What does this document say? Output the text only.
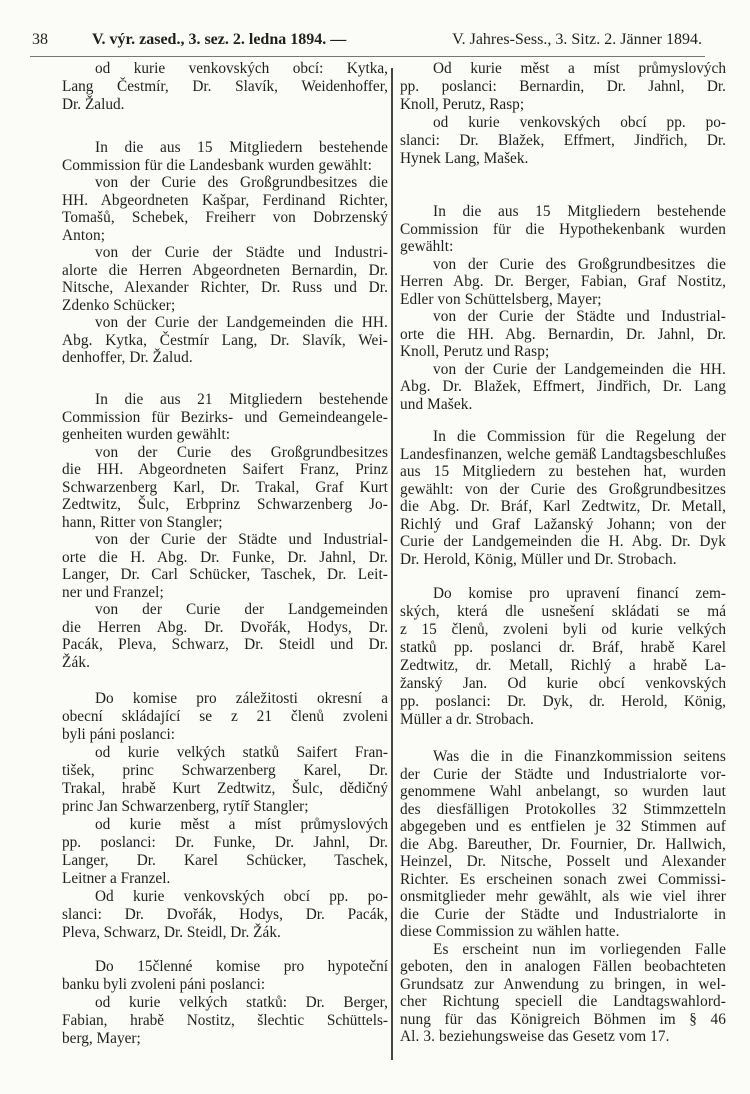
38	V. výr. zased., 3. sez. 2. ledna 1894. —	V. Jahres-Sess., 3. Sitz. 2. Jänner 1894.
od kurie venkovských obcí: Kytka,
Lang Čestmír, Dr. Slavík, Weidenhoffer,
Dr. Žalud.
In die aus 15 Mitgliedern bestehende
Commission für die Landesbank wurden gewählt:
von der Curie des Großgrundbesitzes die
HH. Abgeordneten Kašpar, Ferdinand Richter,
Tomašů, Schebek, Freiherr von Dobrzenský
Anton;
von der Curie der Städte und Industri-
alorte die Herren Abgeordneten Bernardin, Dr.
Nitsche, Alexander Richter, Dr. Russ und Dr.
Zdenko Schücker;
von der Curie der Landgemeinden die HH.
Abg. Kytka, Čestmír Lang, Dr. Slavík, Wei-
denhoffer, Dr. Žalud.
In die aus 21 Mitgliedern bestehende
Commission für Bezirks- und Gemeindeangele-
genheiten wurden gewählt:
von der Curie des Großgrundbesitzes
die HH. Abgeordneten Saifert Franz, Prinz
Schwarzenberg Karl, Dr. Trakal, Graf Kurt
Zedtwitz, Šulc, Erbprinz Schwarzenberg Jo-
hann, Ritter von Stangler;
von der Curie der Städte und Industrial-
orte die H. Abg. Dr. Funke, Dr. Jahnl, Dr.
Langer, Dr. Carl Schücker, Taschek, Dr. Leit-
ner und Franzel;
von der Curie der Landgemeinden
die Herren Abg. Dr. Dvořák, Hodys, Dr.
Pacák, Pleva, Schwarz, Dr. Steidl und Dr.
Žák.
Do komise pro záležitosti okresní a
obecní skládající se z 21 členů zvoleni
byli páni poslanci:
od kurie velkých statků Saifert Fran-
tišek, princ Schwarzenberg Karel, Dr.
Trakal, hrabě Kurt Zedtwitz, Šulc, dědičný
princ Jan Schwarzenberg, rytíř Stangler;
od kurie měst a míst průmyslových
pp. poslanci: Dr. Funke, Dr. Jahnl, Dr.
Langer, Dr. Karel Schücker, Taschek,
Leitner a Franzel.
Od kurie venkovských obcí pp. po-
slanci: Dr. Dvořák, Hodys, Dr. Pacák,
Pleva, Schwarz, Dr. Steidl, Dr. Žák.
Do 15členné komise pro hypoteční
banku byli zvoleni páni poslanci:
od kurie velkých statků: Dr. Berger,
Fabian, hrabě Nostitz, šlechtic Schüttels-
berg, Mayer;
Od kurie měst a míst průmyslových
pp. poslanci: Bernardin, Dr. Jahnl, Dr.
Knoll, Perutz, Rasp;
od kurie venkovských obcí pp. po-
slanci: Dr. Blažek, Effmert, Jindřich, Dr.
Hynek Lang, Mašek.
In die aus 15 Mitgliedern bestehende
Commission für die Hypothekenbank wurden
gewählt:
von der Curie des Großgrundbesitzes die
Herren Abg. Dr. Berger, Fabian, Graf Nostitz,
Edler von Schüttelsberg, Mayer;
von der Curie der Städte und Industrial-
orte die HH. Abg. Bernardin, Dr. Jahnl, Dr.
Knoll, Perutz und Rasp;
von der Curie der Landgemeinden die HH.
Abg. Dr. Blažek, Effmert, Jindřich, Dr. Lang
und Mašek.
In die Commission für die Regelung der
Landesfinanzen, welche gemäß Landtagsbeschlußes
aus 15 Mitgliedern zu bestehen hat, wurden
gewählt: von der Curie des Großgrundbesitzes
die Abg. Dr. Bráf, Karl Zedtwitz, Dr. Metall,
Richlý und Graf Lažanský Johann; von der
Curie der Landgemeinden die H. Abg. Dr. Dyk
Dr. Herold, König, Müller und Dr. Strobach.
Do komise pro upravení financí zem-
ských, která dle usnešení skládati se má
z 15 členů, zvoleni byli od kurie velkých
statků pp. poslanci dr. Bráf, hrabě Karel
Zedtwitz, dr. Metall, Richlý a hrabě La-
žanský Jan. Od kurie obcí venkovských
pp. poslanci: Dr. Dyk, dr. Herold, König,
Müller a dr. Strobach.
Was die in die Finanzkommission seitens
der Curie der Städte und Industrialorte vor-
genommene Wahl anbelangt, so wurden laut
des diesfälligen Protokolles 32 Stimmzetteln
abgegeben und es entfielen je 32 Stimmen auf
die Abg. Bareuther, Dr. Fournier, Dr. Hallwich,
Heinzel, Dr. Nitsche, Posselt und Alexander
Richter. Es erscheinen sonach zwei Commissi-
onsmitglieder mehr gewählt, als wie viel ihrer
die Curie der Städte und Industrialorte in
diese Commission zu wählen hatte.
Es erscheint nun im vorliegenden Falle
geboten, den in analogen Fällen beobachteten
Grundsatz zur Anwendung zu bringen, in wel-
cher Richtung speciell die Landtagswahlord-
nung für das Königreich Böhmen im § 46
Al. 3. beziehungsweise das Gesetz vom 17.
